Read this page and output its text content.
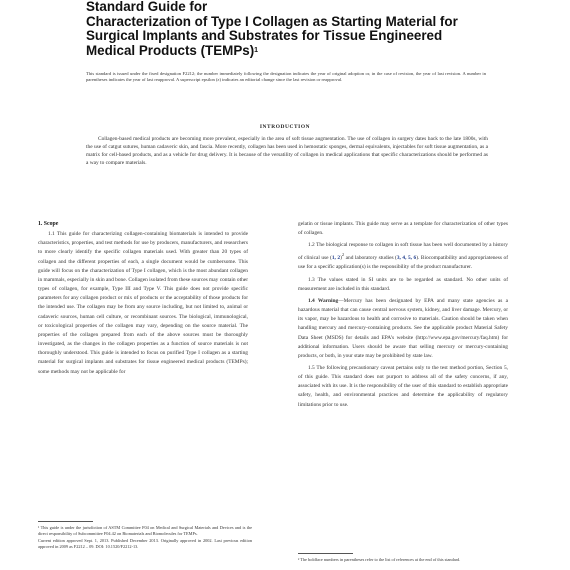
Standard Guide for
Characterization of Type I Collagen as Starting Material for
Surgical Implants and Substrates for Tissue Engineered
Medical Products (TEMPs)$^1$
This standard is issued under the fixed designation F2212; the number immediately following the designation indicates the year of original adoption or, in the case of revision, the year of last revision. A number in parentheses indicates the year of last reapproval. A superscript epsilon (ε) indicates an editorial change since the last revision or reapproval.
INTRODUCTION
Collagen-based medical products are becoming more prevalent, especially in the area of soft tissue augmentation. The use of collagen in surgery dates back to the late 1800s, with the use of catgut sutures, human cadaveric skin, and fascia. More recently, collagen has been used in hemostatic sponges, dermal equivalents, injectables for soft tissue augmentation, as a matrix for cell-based products, and as a vehicle for drug delivery. It is because of the versatility of collagen in medical applications that specific characterizations should be performed as a way to compare materials.
1. Scope

1.1 This guide for characterizing collagen-containing biomaterials is intended to provide characteristics, properties, and test methods for use by producers, manufacturers, and researchers to more clearly identify the specific collagen materials used. With greater than 20 types of collagen and the different properties of each, a single document would be cumbersome. This guide will focus on the characterization of Type I collagen, which is the most abundant collagen in mammals, especially in skin and bone. Collagen isolated from these sources may contain other types of collagen, for example, Type III and Type V. This guide does not provide specific parameters for any collagen product or mix of products or the acceptability of those products for the intended use. The collagen may be from any source including, but not limited to, animal or cadaveric sources, human cell culture, or recombinant sources. The biological, immunological, or toxicological properties of the collagen may vary, depending on the source material. The properties of the collagen prepared from each of the above sources must be thoroughly investigated, as the changes in the collagen properties as a function of source materials is not thoroughly understood. This guide is intended to focus on purified Type I collagen as a starting material for surgical implants and substrates for tissue engineered medical products (TEMPs); some methods may not be applicable for

gelatin or tissue implants. This guide may serve as a template for characterization of other types of collagen.

1.2 The biological response to collagen in soft tissue has been well documented by a history of clinical use (1, 2)$^2$ and laboratory studies (3, 4, 5, 6). Biocompatibility and appropriateness of use for a specific application(s) is the responsibility of the product manufacturer.

1.3 The values stated in SI units are to be regarded as standard. No other units of measurement are included in this standard.

1.4 Warning—Mercury has been designated by EPA and many state agencies as a hazardous material that can cause central nervous system, kidney, and liver damage. Mercury, or its vapor, may be hazardous to health and corrosive to materials. Caution should be taken when handling mercury and mercury-containing products. See the applicable product Material Safety Data Sheet (MSDS) for details and EPA’s website (http://www.epa.gov/mercury/faq.htm) for additional information. Users should be aware that selling mercury or mercury-containing products, or both, in your state may be prohibited by state law.

1.5 The following precautionary caveat pertains only to the test method portion, Section 5, of this guide. This standard does not purport to address all of the safety concerns, if any, associated with its use. It is the responsibility of the user of this standard to establish appropriate safety, health, and environmental practices and determine the applicability of regulatory limitations prior to use.

¹ This guide is under the jurisdiction of ASTM Committee F04 on Medical and Surgical Materials and Devices and is the direct responsibility of Subcommittee F04.42 on Biomaterials and Biomolecules for TEMPs.
Current edition approved Sept. 1, 2013. Published December 2013. Originally approved in 2002. Last previous edition approved in 2009 as F2212 – 09. DOI: 10.1520/F2212-13.
² The boldface numbers in parentheses refer to the list of references at the end of this standard.
